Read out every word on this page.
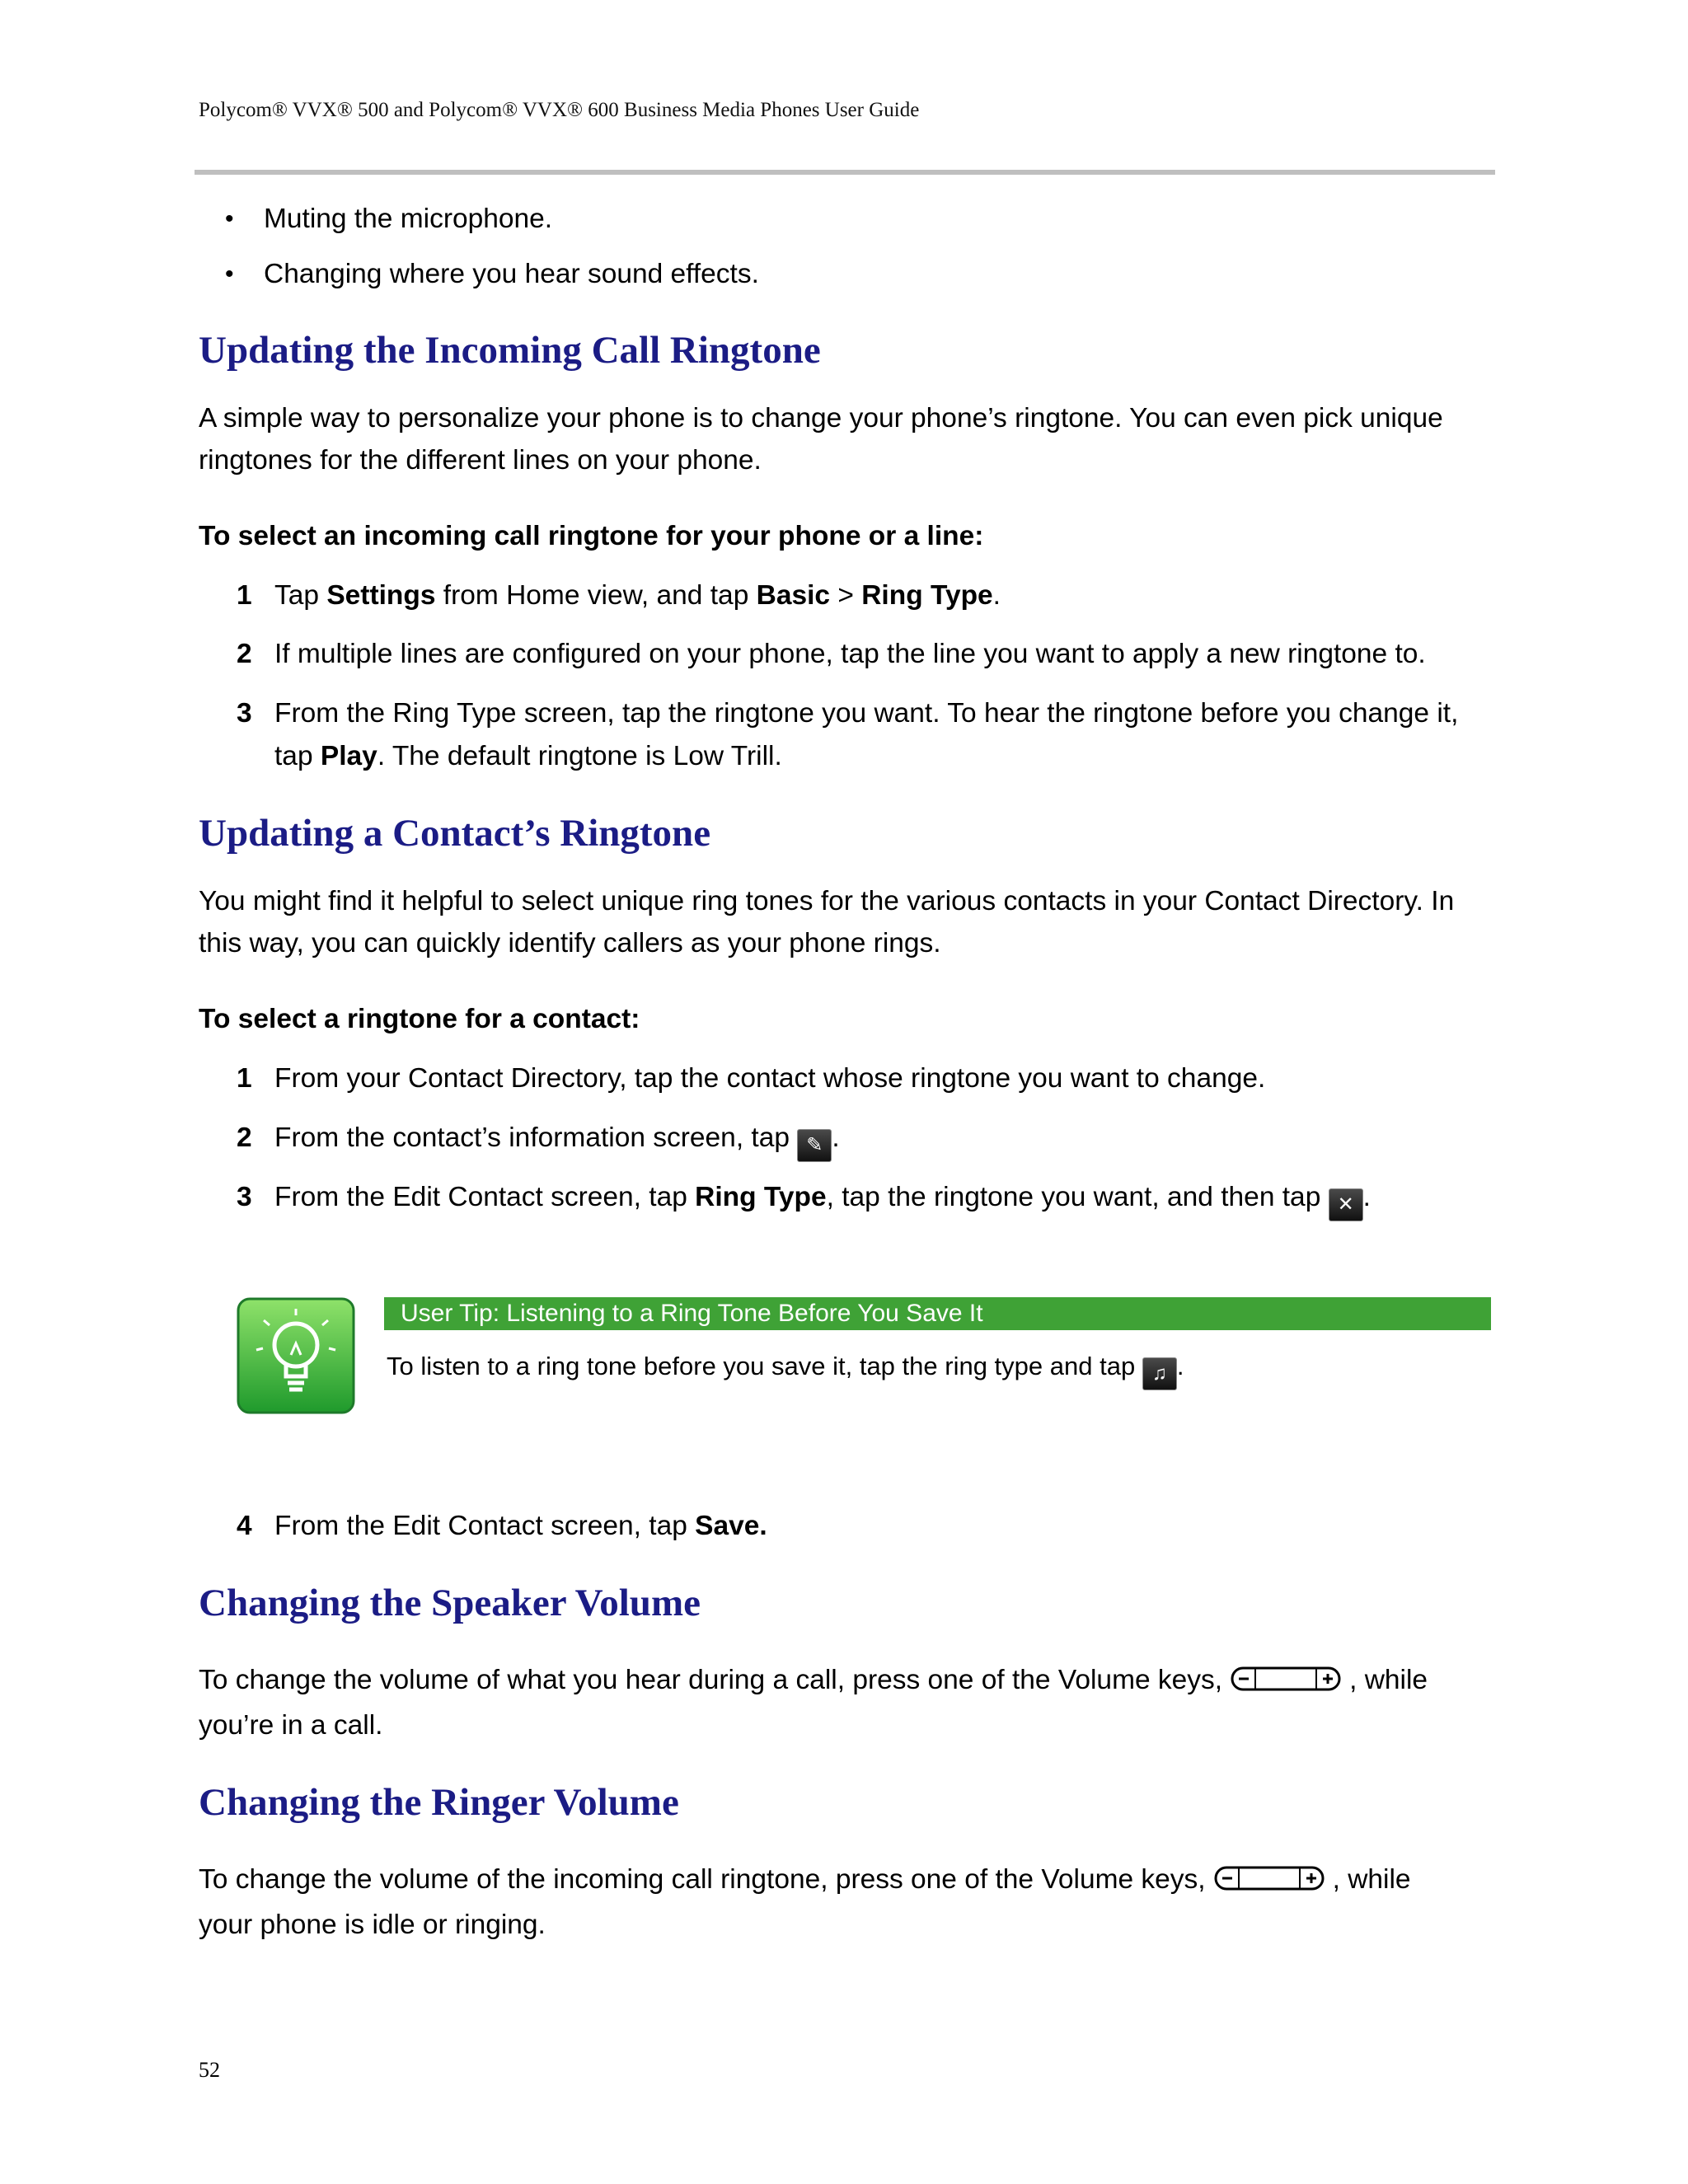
Polycom® VVX® 500 and Polycom® VVX® 600 Business Media Phones User Guide
•	Muting the microphone.
•	Changing where you hear sound effects.
Updating the Incoming Call Ringtone
A simple way to personalize your phone is to change your phone’s ringtone. You can even pick unique
ringtones for the different lines on your phone.
To select an incoming call ringtone for your phone or a line:
1 Tap Settings from Home view, and tap Basic > Ring Type.
2 If multiple lines are configured on your phone, tap the line you want to apply a new ringtone to.
3 From the Ring Type screen, tap the ringtone you want. To hear the ringtone before you change it,
tap Play. The default ringtone is Low Trill.
Updating a Contact’s Ringtone
You might find it helpful to select unique ring tones for the various contacts in your Contact Directory. In
this way, you can quickly identify callers as your phone rings.
To select a ringtone for a contact:
1 From your Contact Directory, tap the contact whose ringtone you want to change.
2 From the contact’s information screen, tap ✎ .
3 From the Edit Contact screen, tap Ring Type, tap the ringtone you want, and then tap ✕ .
User Tip: Listening to a Ring Tone Before You Save It
To listen to a ring tone before you save it, tap the ring type and tap ♫ .
4 From the Edit Contact screen, tap Save.
Changing the Speaker Volume
To change the volume of what you hear during a call, press one of the Volume keys,	, while
you’re in a call.
Changing the Ringer Volume
To change the volume of the incoming call ringtone, press one of the Volume keys,	, while
your phone is idle or ringing.
52
